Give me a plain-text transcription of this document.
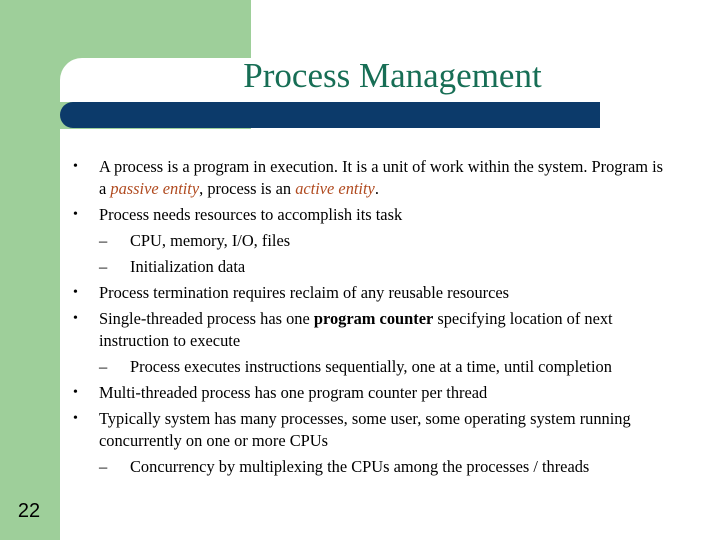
Process Management
• A process is a program in execution. It is a unit of work within the system. Program is a passive entity, process is an active entity.
• Process needs resources to accomplish its task
– CPU, memory, I/O, files
– Initialization data
• Process termination requires reclaim of any reusable resources
• Single-threaded process has one program counter specifying location of next instruction to execute
– Process executes instructions sequentially, one at a time, until completion
• Multi-threaded process has one program counter per thread
• Typically system has many processes, some user, some operating system running concurrently on one or more CPUs
– Concurrency by multiplexing the CPUs among the processes / threads
22
